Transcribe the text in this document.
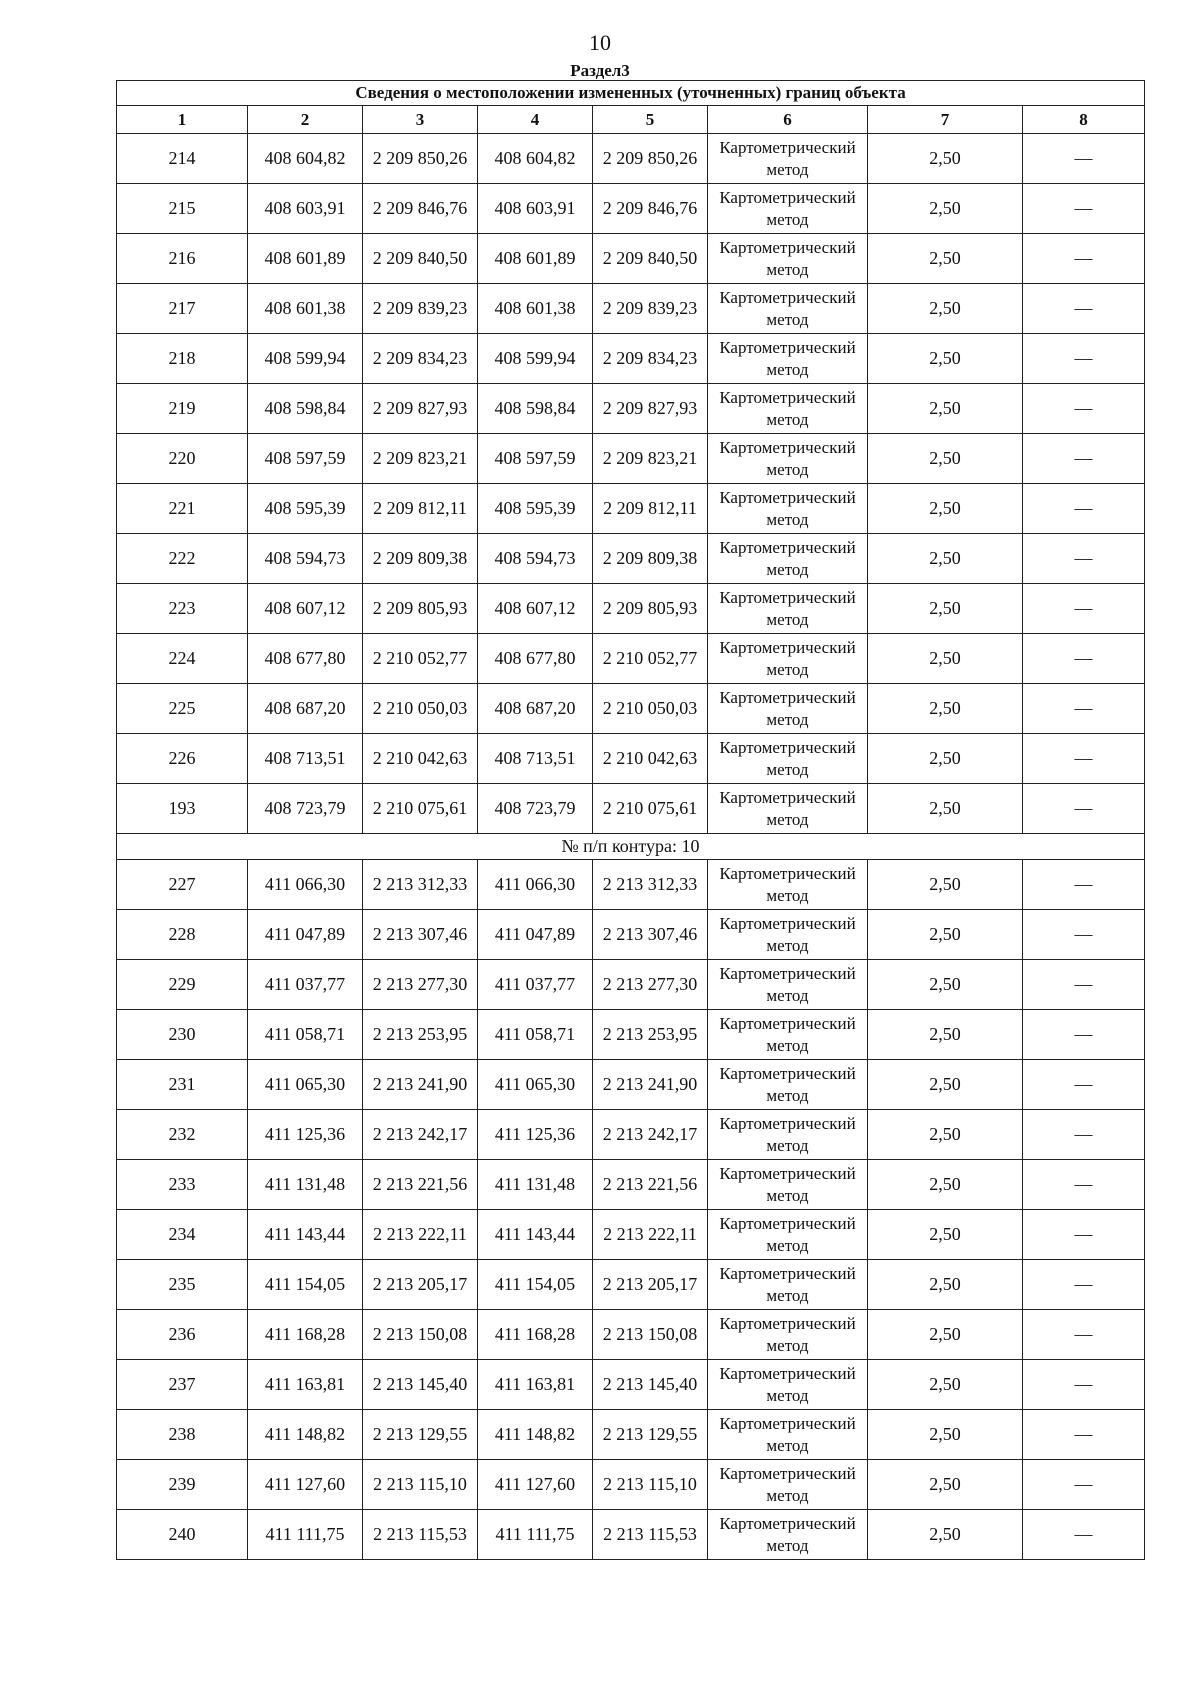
10
Раздел3
Сведения о местоположении измененных (уточненных) границ объекта							
1	2	3	4	5	6	7	8
214	408 604,82	2 209 850,26	408 604,82	2 209 850,26	Картометрический метод	2,50	—
215	408 603,91	2 209 846,76	408 603,91	2 209 846,76	Картометрический метод	2,50	—
216	408 601,89	2 209 840,50	408 601,89	2 209 840,50	Картометрический метод	2,50	—
217	408 601,38	2 209 839,23	408 601,38	2 209 839,23	Картометрический метод	2,50	—
218	408 599,94	2 209 834,23	408 599,94	2 209 834,23	Картометрический метод	2,50	—
219	408 598,84	2 209 827,93	408 598,84	2 209 827,93	Картометрический метод	2,50	—
220	408 597,59	2 209 823,21	408 597,59	2 209 823,21	Картометрический метод	2,50	—
221	408 595,39	2 209 812,11	408 595,39	2 209 812,11	Картометрический метод	2,50	—
222	408 594,73	2 209 809,38	408 594,73	2 209 809,38	Картометрический метод	2,50	—
223	408 607,12	2 209 805,93	408 607,12	2 209 805,93	Картометрический метод	2,50	—
224	408 677,80	2 210 052,77	408 677,80	2 210 052,77	Картометрический метод	2,50	—
225	408 687,20	2 210 050,03	408 687,20	2 210 050,03	Картометрический метод	2,50	—
226	408 713,51	2 210 042,63	408 713,51	2 210 042,63	Картометрический метод	2,50	—
193	408 723,79	2 210 075,61	408 723,79	2 210 075,61	Картометрический метод	2,50	—
№ п/п контура: 10							
227	411 066,30	2 213 312,33	411 066,30	2 213 312,33	Картометрический метод	2,50	—
228	411 047,89	2 213 307,46	411 047,89	2 213 307,46	Картометрический метод	2,50	—
229	411 037,77	2 213 277,30	411 037,77	2 213 277,30	Картометрический метод	2,50	—
230	411 058,71	2 213 253,95	411 058,71	2 213 253,95	Картометрический метод	2,50	—
231	411 065,30	2 213 241,90	411 065,30	2 213 241,90	Картометрический метод	2,50	—
232	411 125,36	2 213 242,17	411 125,36	2 213 242,17	Картометрический метод	2,50	—
233	411 131,48	2 213 221,56	411 131,48	2 213 221,56	Картометрический метод	2,50	—
234	411 143,44	2 213 222,11	411 143,44	2 213 222,11	Картометрический метод	2,50	—
235	411 154,05	2 213 205,17	411 154,05	2 213 205,17	Картометрический метод	2,50	—
236	411 168,28	2 213 150,08	411 168,28	2 213 150,08	Картометрический метод	2,50	—
237	411 163,81	2 213 145,40	411 163,81	2 213 145,40	Картометрический метод	2,50	—
238	411 148,82	2 213 129,55	411 148,82	2 213 129,55	Картометрический метод	2,50	—
239	411 127,60	2 213 115,10	411 127,60	2 213 115,10	Картометрический метод	2,50	—
240	411 111,75	2 213 115,53	411 111,75	2 213 115,53	Картометрический метод	2,50	—
